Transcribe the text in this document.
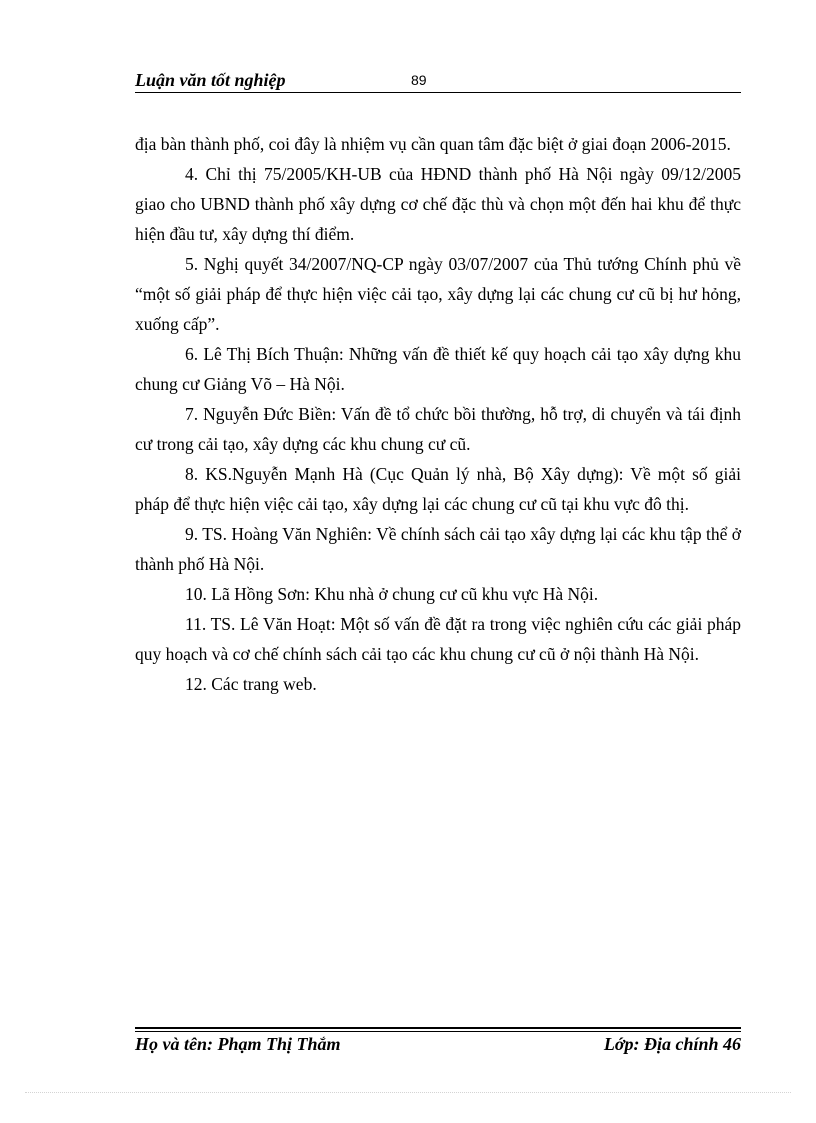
Luận văn tốt nghiệp	89

địa bàn thành phố, coi đây là nhiệm vụ cần quan tâm đặc biệt ở giai đoạn 2006-2015.

4. Chỉ thị 75/2005/KH-UB của HĐND thành phố Hà Nội ngày 09/12/2005 giao cho UBND thành phố xây dựng cơ chế đặc thù và chọn một đến hai khu để thực hiện đầu tư, xây dựng thí điểm.

5. Nghị quyết 34/2007/NQ-CP ngày 03/07/2007 của Thủ tướng Chính phủ về “một số giải pháp để thực hiện việc cải tạo, xây dựng lại các chung cư cũ bị hư hỏng, xuống cấp”.

6. Lê Thị Bích Thuận: Những vấn đề thiết kế quy hoạch cải tạo xây dựng khu chung cư Giảng Võ – Hà Nội.

7. Nguyễn Đức Biền: Vấn đề tổ chức bồi thường, hỗ trợ, di chuyển và tái định cư trong cải tạo, xây dựng các khu chung cư cũ.

8. KS.Nguyễn Mạnh Hà (Cục Quản lý nhà, Bộ Xây dựng): Về một số giải pháp để thực hiện việc cải tạo, xây dựng lại các chung cư cũ tại khu vực đô thị.

9. TS. Hoàng Văn Nghiên: Về chính sách cải tạo xây dựng lại các khu tập thể ở thành phố Hà Nội.

10. Lã Hồng Sơn: Khu nhà ở chung cư cũ khu vực Hà Nội.

11. TS. Lê Văn Hoạt: Một số vấn đề đặt ra trong việc nghiên cứu các giải pháp quy hoạch và cơ chế chính sách cải tạo các khu chung cư cũ ở nội thành Hà Nội.

12. Các trang web.

Họ và tên: Phạm Thị Thắm	Lớp: Địa chính 46
